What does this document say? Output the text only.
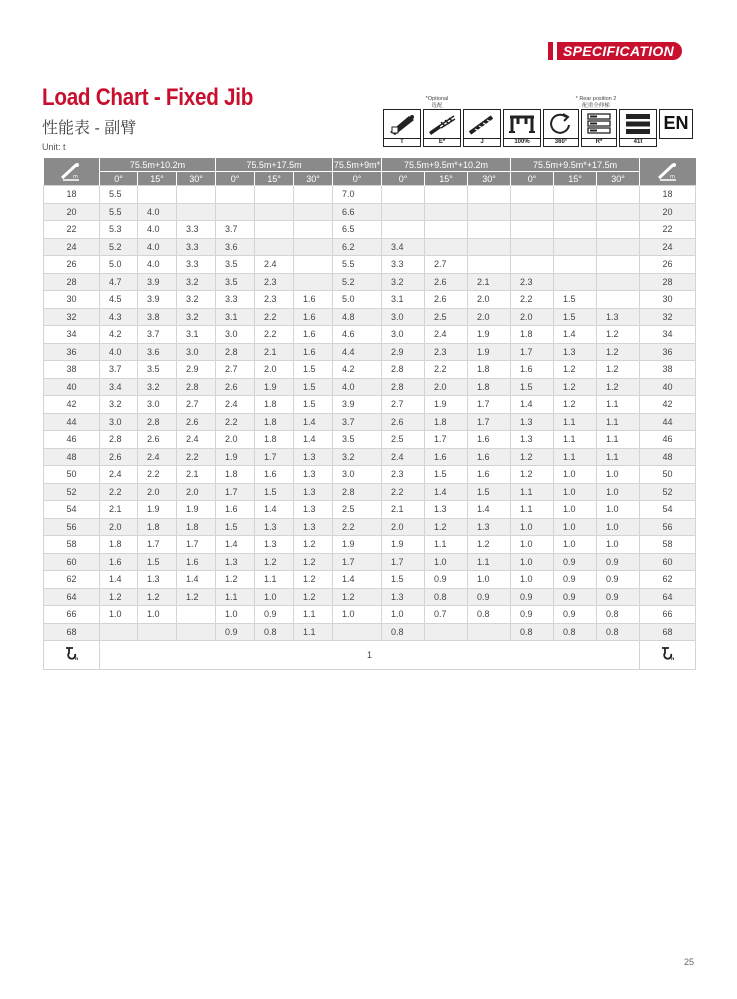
SPECIFICATION
Load Chart - Fixed Jib
性能表 - 副臂
Unit: t
*Optional
选配
* Rear position 2
配重全伸梯
T	E*	J	100%	360°	R*	41t
EN
m	75.5m+10.2m			75.5m+17.5m			75.5m+9m*	75.5m+9.5m*+10.2m			75.5m+9.5m*+17.5m			m

	0°	15°	30°	0°	15°	30°	0°	0°	15°	30°	0°	15°	30°	
18	5.5						7.0							18
20	5.5	4.0					6.6							20
22	5.3	4.0	3.3	3.7			6.5							22
24	5.2	4.0	3.3	3.6			6.2	3.4						24
26	5.0	4.0	3.3	3.5	2.4		5.5	3.3	2.7					26
28	4.7	3.9	3.2	3.5	2.3		5.2	3.2	2.6	2.1	2.3			28
30	4.5	3.9	3.2	3.3	2.3	1.6	5.0	3.1	2.6	2.0	2.2	1.5		30
32	4.3	3.8	3.2	3.1	2.2	1.6	4.8	3.0	2.5	2.0	2.0	1.5	1.3	32
34	4.2	3.7	3.1	3.0	2.2	1.6	4.6	3.0	2.4	1.9	1.8	1.4	1.2	34
36	4.0	3.6	3.0	2.8	2.1	1.6	4.4	2.9	2.3	1.9	1.7	1.3	1.2	36
38	3.7	3.5	2.9	2.7	2.0	1.5	4.2	2.8	2.2	1.8	1.6	1.2	1.2	38
40	3.4	3.2	2.8	2.6	1.9	1.5	4.0	2.8	2.0	1.8	1.5	1.2	1.2	40
42	3.2	3.0	2.7	2.4	1.8	1.5	3.9	2.7	1.9	1.7	1.4	1.2	1.1	42
44	3.0	2.8	2.6	2.2	1.8	1.4	3.7	2.6	1.8	1.7	1.3	1.1	1.1	44
46	2.8	2.6	2.4	2.0	1.8	1.4	3.5	2.5	1.7	1.6	1.3	1.1	1.1	46
48	2.6	2.4	2.2	1.9	1.7	1.3	3.2	2.4	1.6	1.6	1.2	1.1	1.1	48
50	2.4	2.2	2.1	1.8	1.6	1.3	3.0	2.3	1.5	1.6	1.2	1.0	1.0	50
52	2.2	2.0	2.0	1.7	1.5	1.3	2.8	2.2	1.4	1.5	1.1	1.0	1.0	52
54	2.1	1.9	1.9	1.6	1.4	1.3	2.5	2.1	1.3	1.4	1.1	1.0	1.0	54
56	2.0	1.8	1.8	1.5	1.3	1.3	2.2	2.0	1.2	1.3	1.0	1.0	1.0	56
58	1.8	1.7	1.7	1.4	1.3	1.2	1.9	1.9	1.1	1.2	1.0	1.0	1.0	58
60	1.6	1.5	1.6	1.3	1.2	1.2	1.7	1.7	1.0	1.1	1.0	0.9	0.9	60
62	1.4	1.3	1.4	1.2	1.1	1.2	1.4	1.5	0.9	1.0	1.0	0.9	0.9	62
64	1.2	1.2	1.2	1.1	1.0	1.2	1.2	1.3	0.8	0.9	0.9	0.9	0.9	64
66	1.0	1.0		1.0	0.9	1.1	1.0	1.0	0.7	0.8	0.9	0.9	0.8	66
68				0.9	0.8	1.1		0.8			0.8	0.8	0.8	68

n	1													n
25
